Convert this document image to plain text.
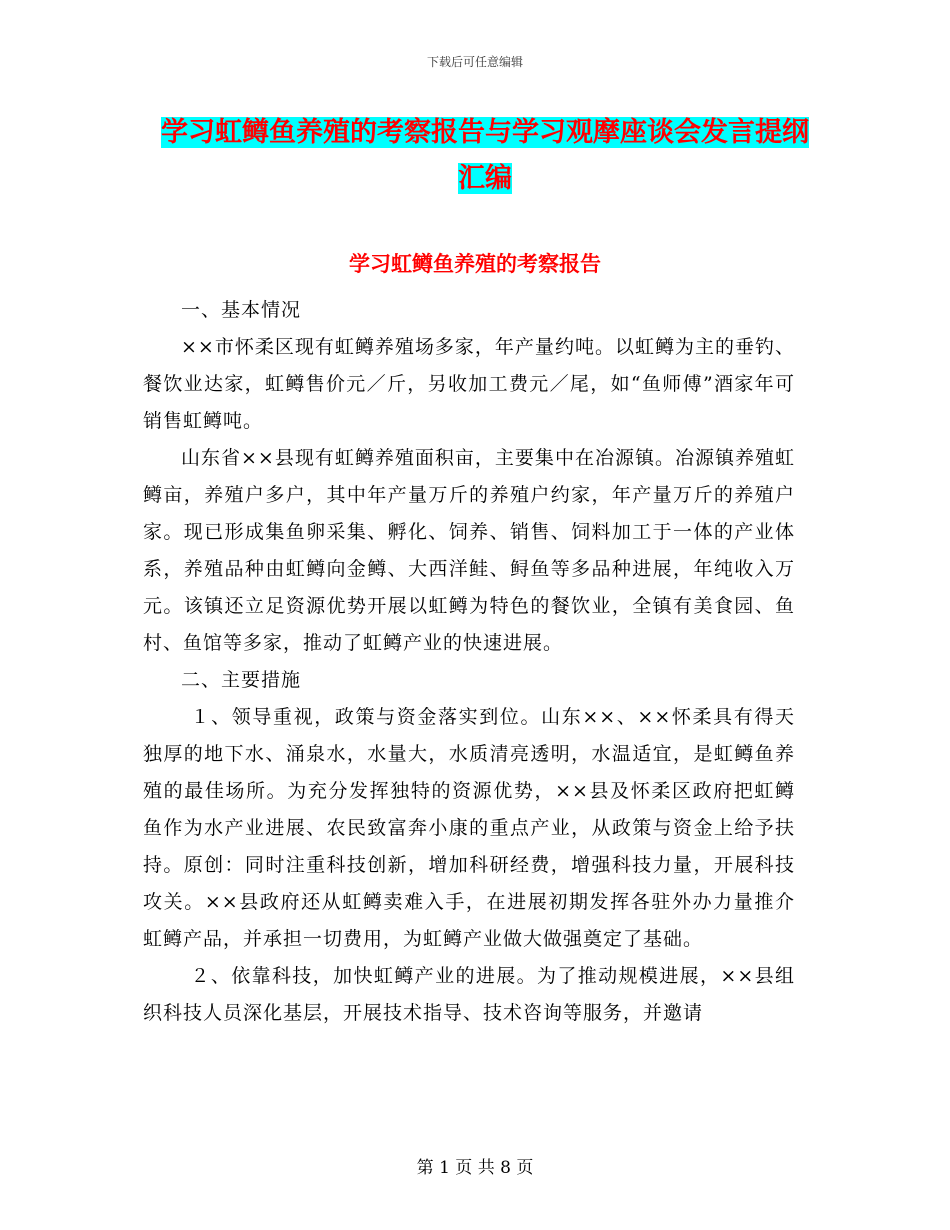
下载后可任意编辑
学习虹鳟鱼养殖的考察报告与学习观摩座谈会发言提纲汇编
学习虹鳟鱼养殖的考察报告

一、基本情况

××市怀柔区现有虹鳟养殖场多家，年产量约吨。以虹鳟为主的垂钓、餐饮业达家，虹鳟售价元／斤，另收加工费元／尾，如“鱼师傅”酒家年可销售虹鳟吨。

山东省××县现有虹鳟养殖面积亩，主要集中在冶源镇。冶源镇养殖虹鳟亩，养殖户多户，其中年产量万斤的养殖户约家，年产量万斤的养殖户家。现已形成集鱼卵采集、孵化、饲养、销售、饲料加工于一体的产业体系，养殖品种由虹鳟向金鳟、大西洋鲑、鲟鱼等多品种进展，年纯收入万元。该镇还立足资源优势开展以虹鳟为特色的餐饮业，全镇有美食园、鱼村、鱼馆等多家，推动了虹鳟产业的快速进展。

二、主要措施

１、领导重视，政策与资金落实到位。山东××、××怀柔具有得天独厚的地下水、涌泉水，水量大，水质清亮透明，水温适宜，是虹鳟鱼养殖的最佳场所。为充分发挥独特的资源优势，××县及怀柔区政府把虹鳟鱼作为水产业进展、农民致富奔小康的重点产业，从政策与资金上给予扶持。原创：同时注重科技创新，增加科研经费，增强科技力量，开展科技攻关。××县政府还从虹鳟卖难入手，在进展初期发挥各驻外办力量推介虹鳟产品，并承担一切费用，为虹鳟产业做大做强奠定了基础。

２、依靠科技，加快虹鳟产业的进展。为了推动规模进展，××县组织科技人员深化基层，开展技术指导、技术咨询等服务，并邀请

第 1 页 共 8 页
